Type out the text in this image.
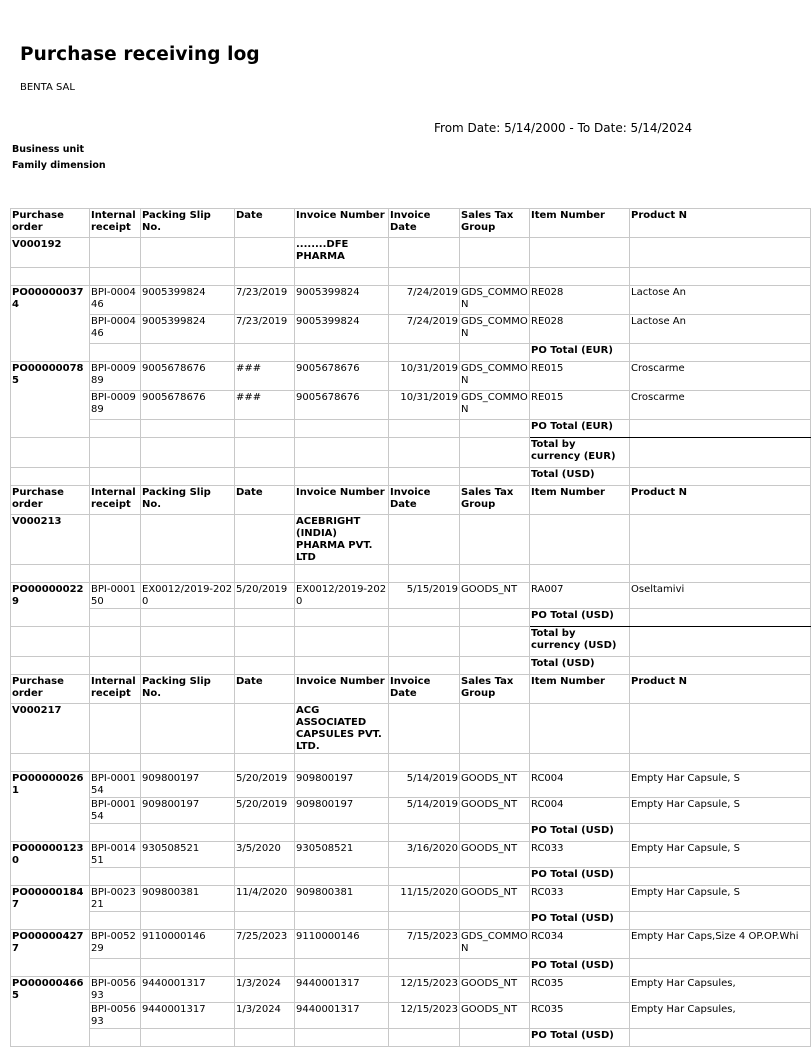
Purchase receiving log
BENTA SAL
From Date: 5/14/2000 - To Date: 5/14/2024
Business unit
Family dimension
Purchase order	Internal receipt	Packing Slip No.	Date	Invoice Number	Invoice Date	Sales Tax Group	Item Number	Product N
V000192				........DFE PHARMA				

PO000000374	BPI-000446	9005399824	7/23/2019	9005399824	7/24/2019	GDS_COMMON	RE028	Lactose An
	BPI-000446	9005399824	7/23/2019	9005399824	7/24/2019	GDS_COMMON	RE028	Lactose An
							PO Total (EUR)	
PO000000785	BPI-000989	9005678676	###	9005678676	10/31/2019	GDS_COMMON	RE015	Croscarme
	BPI-000989	9005678676	###	9005678676	10/31/2019	GDS_COMMON	RE015	Croscarme
							PO Total (EUR)	
							Total by currency (EUR)	
							Total (USD)	
Purchase order	Internal receipt	Packing Slip No.	Date	Invoice Number	Invoice Date	Sales Tax Group	Item Number	Product N
V000213				ACEBRIGHT (INDIA) PHARMA PVT. LTD				

PO000000229	BPI-000150	EX0012/2019-2020	5/20/2019	EX0012/2019-2020	5/15/2019	GOODS_NT	RA007	Oseltamivi
							PO Total (USD)	
							Total by currency (USD)	
							Total (USD)	
Purchase order	Internal receipt	Packing Slip No.	Date	Invoice Number	Invoice Date	Sales Tax Group	Item Number	Product N
V000217				ACG ASSOCIATED CAPSULES PVT. LTD.				

PO000000261	BPI-000154	909800197	5/20/2019	909800197	5/14/2019	GOODS_NT	RC004	Empty Har Capsule, S
	BPI-000154	909800197	5/20/2019	909800197	5/14/2019	GOODS_NT	RC004	Empty Har Capsule, S
							PO Total (USD)	
PO000001230	BPI-001451	930508521	3/5/2020	930508521	3/16/2020	GOODS_NT	RC033	Empty Har Capsule, S
							PO Total (USD)	
PO000001847	BPI-002321	909800381	11/4/2020	909800381	11/15/2020	GOODS_NT	RC033	Empty Har Capsule, S
							PO Total (USD)	
PO000004277	BPI-005229	9110000146	7/25/2023	9110000146	7/15/2023	GDS_COMMON	RC034	Empty Har Caps,Size 4 OP.OP.Whi
							PO Total (USD)	
PO000004665	BPI-005693	9440001317	1/3/2024	9440001317	12/15/2023	GOODS_NT	RC035	Empty Har Capsules,
	BPI-005693	9440001317	1/3/2024	9440001317	12/15/2023	GOODS_NT	RC035	Empty Har Capsules,
							PO Total (USD)	
